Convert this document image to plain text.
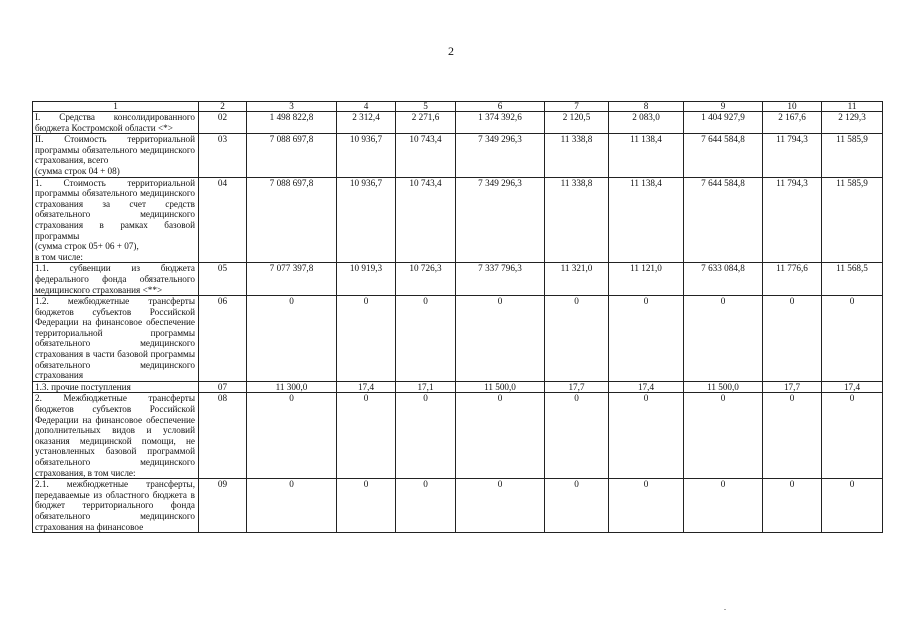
2
1	2	3	4	5	6	7	8	9	10	11

I. Средства консолидированного бюджета Костромской области <*>	02	1 498 822,8	2 312,4	2 271,6	1 374 392,6	2 120,5	2 083,0	1 404 927,9	2 167,6	2 129,3

II. Стоимость территориальной программы обязательного медицинского страхования, всего
(сумма строк 04 + 08)	03	7 088 697,8	10 936,7	10 743,4	7 349 296,3	11 338,8	11 138,4	7 644 584,8	11 794,3	11 585,9

1. Стоимость территориальной программы обязательного медицинского страхования за счет средств обязательного медицинского страхования в рамках базовой программы
(сумма строк 05+ 06 + 07),
в том числе:	04	7 088 697,8	10 936,7	10 743,4	7 349 296,3	11 338,8	11 138,4	7 644 584,8	11 794,3	11 585,9

1.1. субвенции из бюджета федерального фонда обязательного медицинского страхования <**>	05	7 077 397,8	10 919,3	10 726,3	7 337 796,3	11 321,0	11 121,0	7 633 084,8	11 776,6	11 568,5

1.2. межбюджетные трансферты бюджетов субъектов Российской Федерации на финансовое обеспечение территориальной программы обязательного медицинского страхования в части базовой программы обязательного медицинского страхования	06	0	0	0	0	0	0	0	0	0

1.3. прочие поступления	07	11 300,0	17,4	17,1	11 500,0	17,7	17,4	11 500,0	17,7	17,4

2. Межбюджетные трансферты бюджетов субъектов Российской Федерации на финансовое обеспечение дополнительных видов и условий оказания медицинской помощи, не установленных базовой программой обязательного медицинского страхования, в том числе:	08	0	0	0	0	0	0	0	0	0

2.1. межбюджетные трансферты, передаваемые из областного бюджета в бюджет территориального фонда обязательного медицинского страхования на финансовое	09	0	0	0	0	0	0	0	0	0
.
